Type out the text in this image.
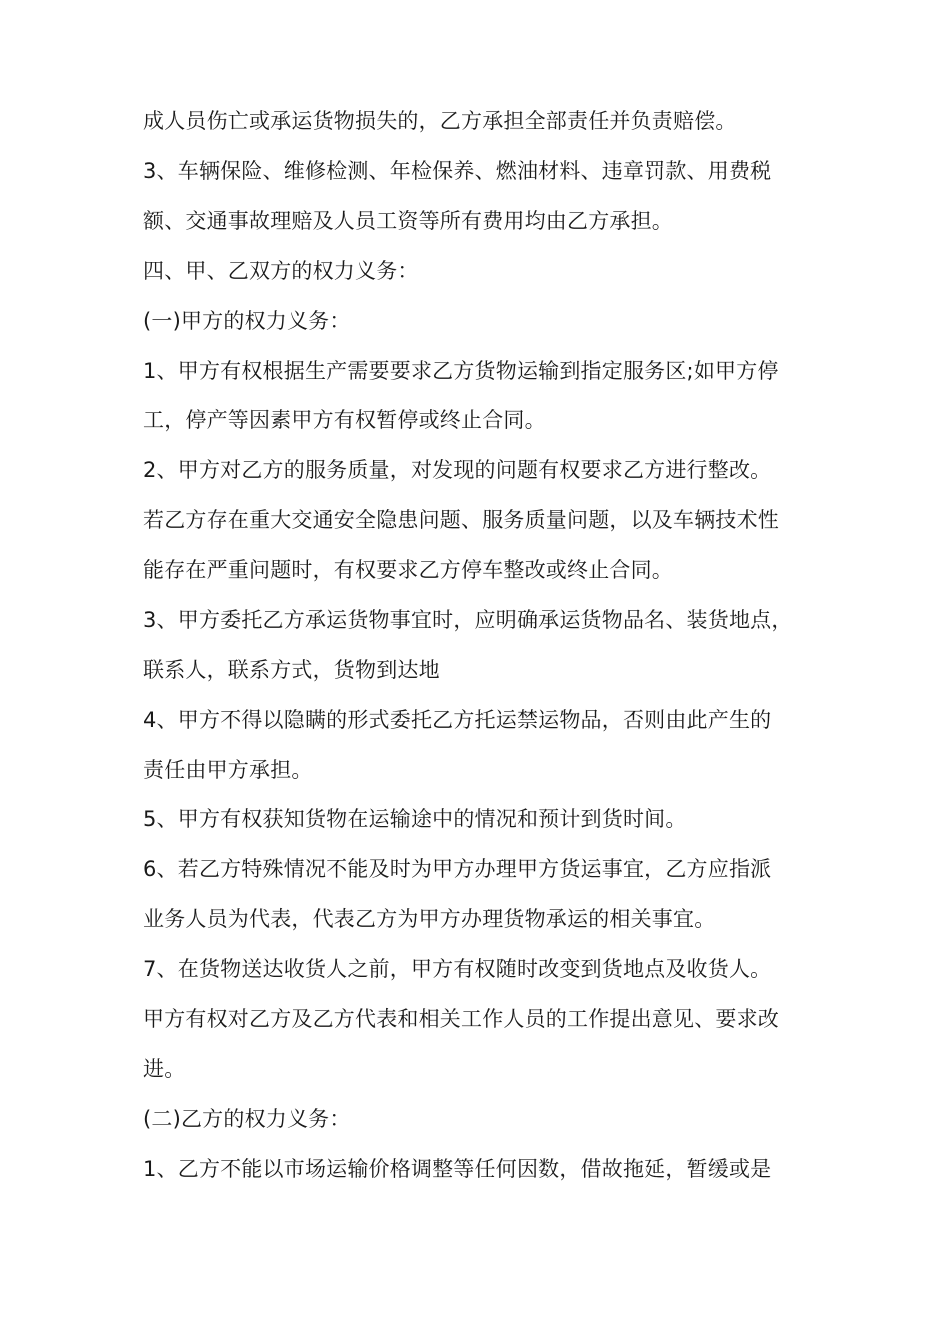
成人员伤亡或承运货物损失的，乙方承担全部责任并负责赔偿。
3、车辆保险、维修检测、年检保养、燃油材料、违章罚款、用费税
额、交通事故理赔及人员工资等所有费用均由乙方承担。
四、甲、乙双方的权力义务：
(一)甲方的权力义务：
1、甲方有权根据生产需要要求乙方货物运输到指定服务区;如甲方停
工，停产等因素甲方有权暂停或终止合同。
2、甲方对乙方的服务质量，对发现的问题有权要求乙方进行整改。
若乙方存在重大交通安全隐患问题、服务质量问题，以及车辆技术性
能存在严重问题时，有权要求乙方停车整改或终止合同。
3、甲方委托乙方承运货物事宜时，应明确承运货物品名、装货地点，
联系人，联系方式，货物到达地
4、甲方不得以隐瞒的形式委托乙方托运禁运物品，否则由此产生的
责任由甲方承担。
5、甲方有权获知货物在运输途中的情况和预计到货时间。
6、若乙方特殊情况不能及时为甲方办理甲方货运事宜，乙方应指派
业务人员为代表，代表乙方为甲方办理货物承运的相关事宜。
7、在货物送达收货人之前，甲方有权随时改变到货地点及收货人。
甲方有权对乙方及乙方代表和相关工作人员的工作提出意见、要求改
进。
(二)乙方的权力义务：
1、乙方不能以市场运输价格调整等任何因数，借故拖延，暂缓或是
